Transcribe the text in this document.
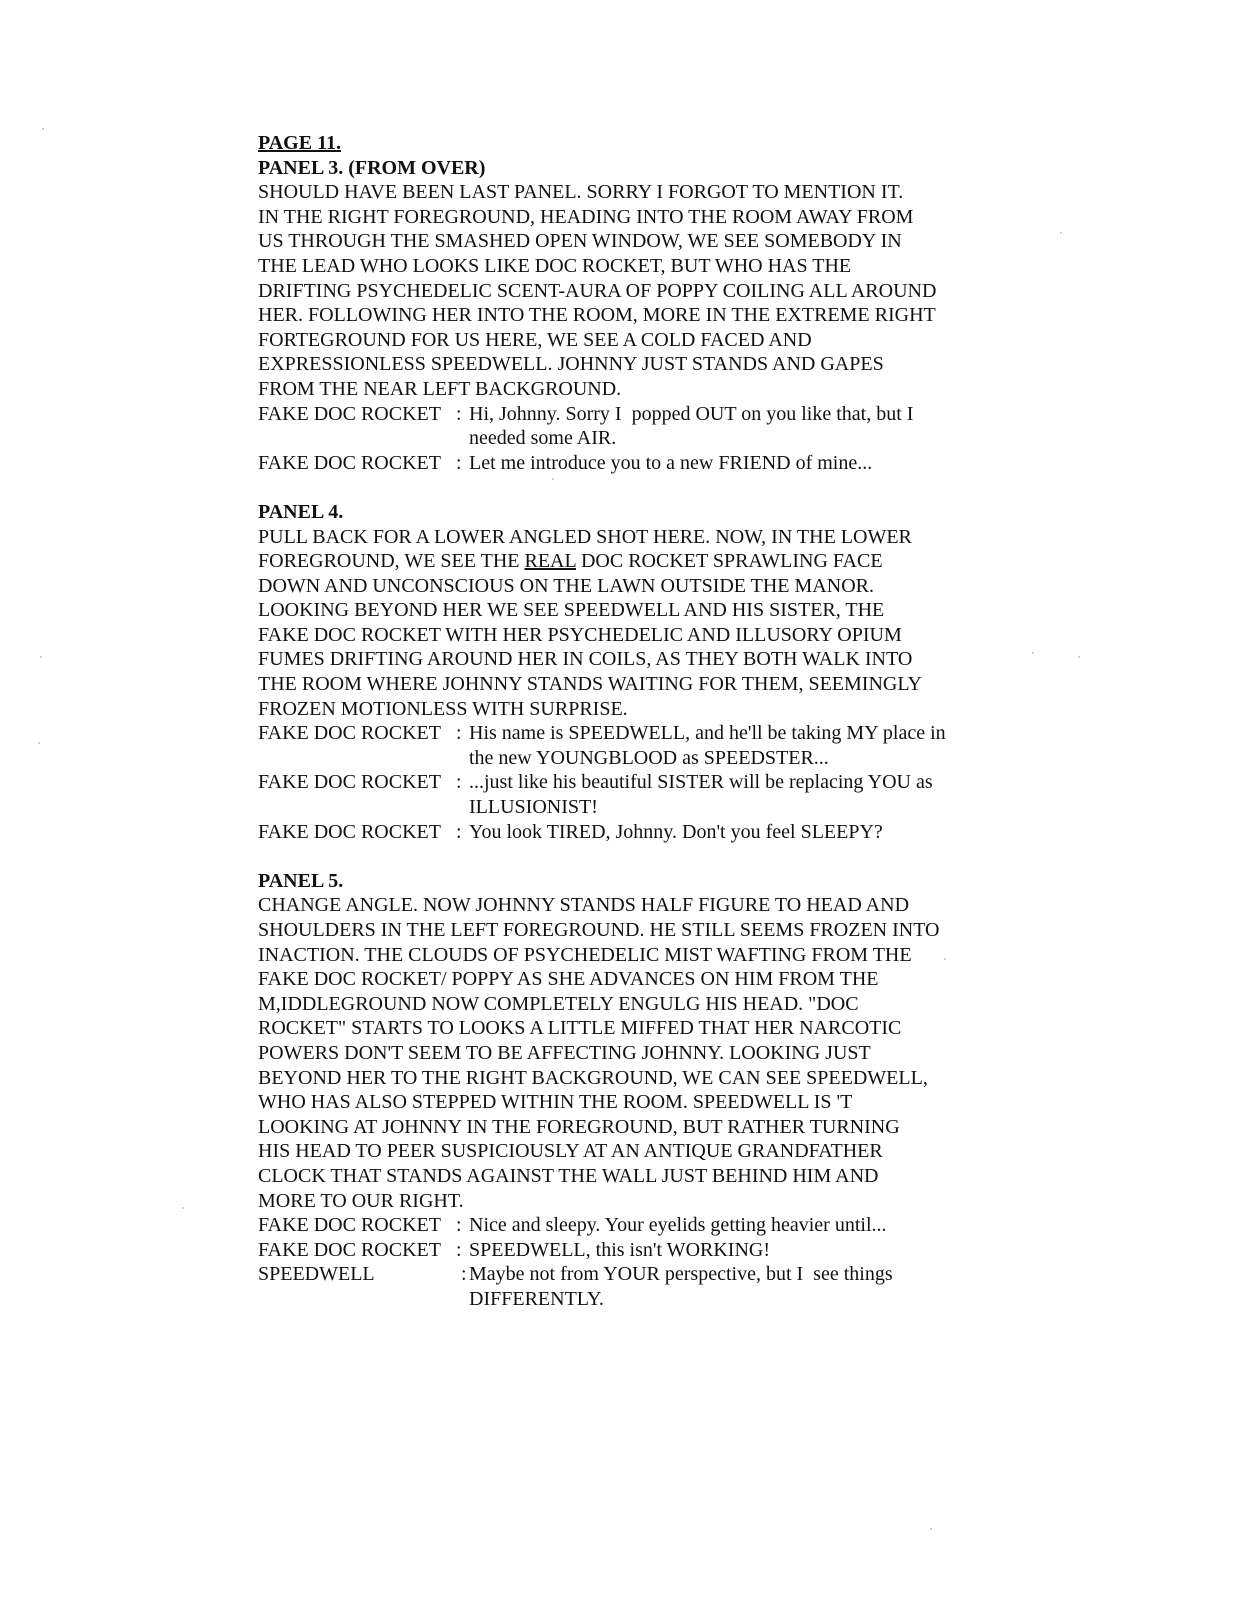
PAGE 11.
PANEL 3. (FROM OVER)
SHOULD HAVE BEEN LAST PANEL. SORRY I FORGOT TO MENTION IT.
IN THE RIGHT FOREGROUND, HEADING INTO THE ROOM AWAY FROM
US THROUGH THE SMASHED OPEN WINDOW, WE SEE SOMEBODY IN
THE LEAD WHO LOOKS LIKE DOC ROCKET, BUT WHO HAS THE
DRIFTING PSYCHEDELIC SCENT-AURA OF POPPY COILING ALL AROUND
HER. FOLLOWING HER INTO THE ROOM, MORE IN THE EXTREME RIGHT
FORTEGROUND FOR US HERE, WE SEE A COLD FACED AND
EXPRESSIONLESS SPEEDWELL. JOHNNY JUST STANDS AND GAPES
FROM THE NEAR LEFT BACKGROUND.
FAKE DOC ROCKET : Hi, Johnny. Sorry I  popped OUT on you like that, but I
needed some AIR.
FAKE DOC ROCKET : Let me introduce you to a new FRIEND of mine...
PANEL 4.
PULL BACK FOR A LOWER ANGLED SHOT HERE. NOW, IN THE LOWER
FOREGROUND, WE SEE THE REAL DOC ROCKET SPRAWLING FACE
DOWN AND UNCONSCIOUS ON THE LAWN OUTSIDE THE MANOR.
LOOKING BEYOND HER WE SEE SPEEDWELL AND HIS SISTER, THE
FAKE DOC ROCKET WITH HER PSYCHEDELIC AND ILLUSORY OPIUM
FUMES DRIFTING AROUND HER IN COILS, AS THEY BOTH WALK INTO
THE ROOM WHERE JOHNNY STANDS WAITING FOR THEM, SEEMINGLY
FROZEN MOTIONLESS WITH SURPRISE.
FAKE DOC ROCKET : His name is SPEEDWELL, and he'll be taking MY place in
the new YOUNGBLOOD as SPEEDSTER...
FAKE DOC ROCKET : ...just like his beautiful SISTER will be replacing YOU as
ILLUSIONIST!
FAKE DOC ROCKET : You look TIRED, Johnny. Don't you feel SLEEPY?
PANEL 5.
CHANGE ANGLE. NOW JOHNNY STANDS HALF FIGURE TO HEAD AND
SHOULDERS IN THE LEFT FOREGROUND. HE STILL SEEMS FROZEN INTO
INACTION. THE CLOUDS OF PSYCHEDELIC MIST WAFTING FROM THE
FAKE DOC ROCKET/ POPPY AS SHE ADVANCES ON HIM FROM THE
M,IDDLEGROUND NOW COMPLETELY ENGULG HIS HEAD. "DOC
ROCKET" STARTS TO LOOKS A LITTLE MIFFED THAT HER NARCOTIC
POWERS DON'T SEEM TO BE AFFECTING JOHNNY. LOOKING JUST
BEYOND HER TO THE RIGHT BACKGROUND, WE CAN SEE SPEEDWELL,
WHO HAS ALSO STEPPED WITHIN THE ROOM. SPEEDWELL IS 'T
LOOKING AT JOHNNY IN THE FOREGROUND, BUT RATHER TURNING
HIS HEAD TO PEER SUSPICIOUSLY AT AN ANTIQUE GRANDFATHER
CLOCK THAT STANDS AGAINST THE WALL JUST BEHIND HIM AND
MORE TO OUR RIGHT.
FAKE DOC ROCKET : Nice and sleepy. Your eyelids getting heavier until...
FAKE DOC ROCKET : SPEEDWELL, this isn't WORKING!
SPEEDWELL	: Maybe not from YOUR perspective, but I  see things
DIFFERENTLY.
